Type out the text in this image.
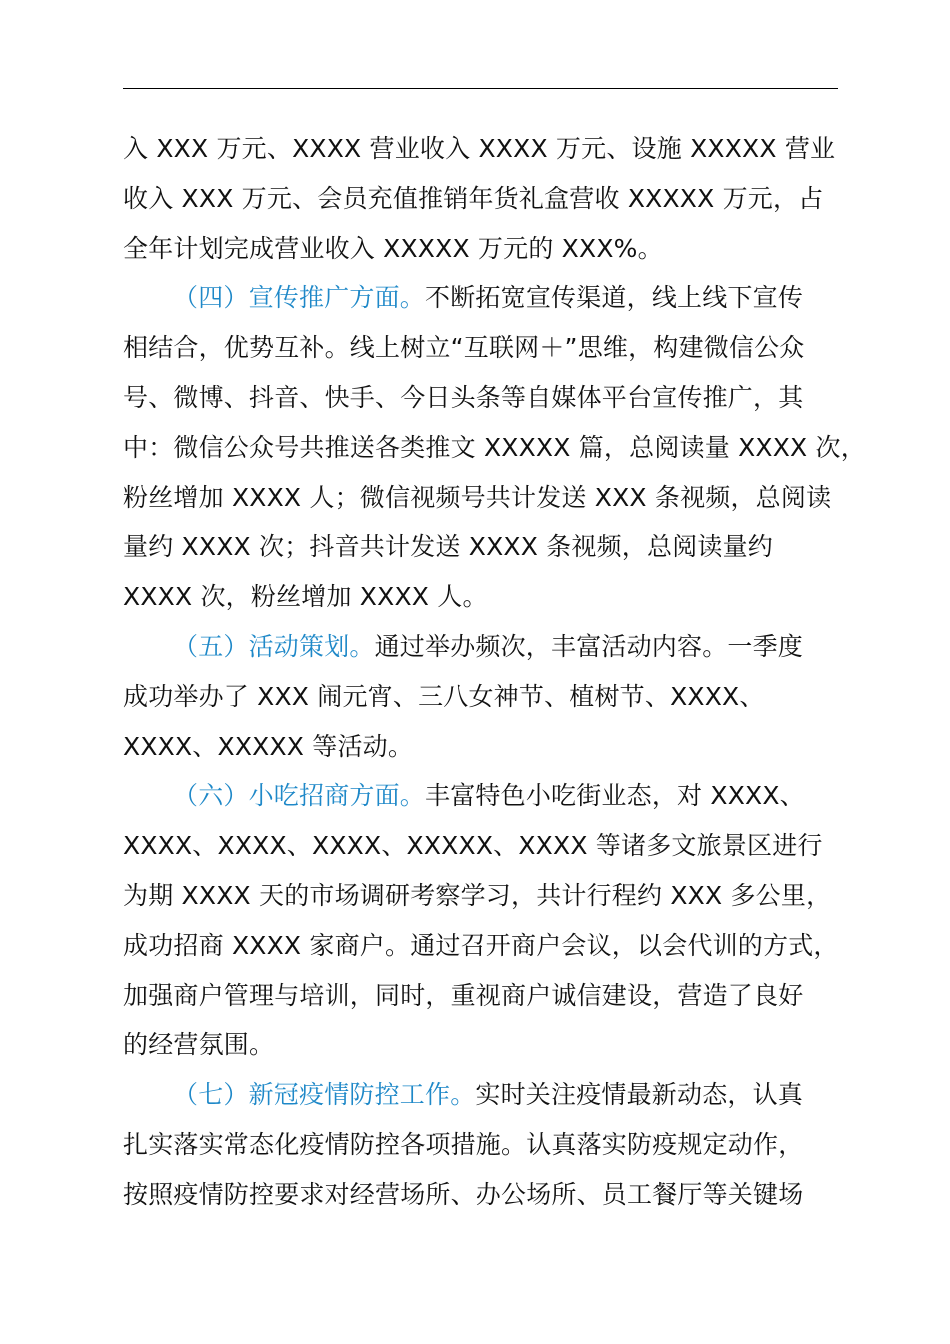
入 XXX 万元、XXXX 营业收入 XXXX 万元、设施 XXXXX 营业
收入 XXX 万元、会员充值推销年货礼盒营收 XXXXX 万元，占
全年计划完成营业收入 XXXXX 万元的 XXX%。
（四）宣传推广方面。不断拓宽宣传渠道，线上线下宣传
相结合，优势互补。线上树立“互联网＋”思维，构建微信公众
号、微博、抖音、快手、今日头条等自媒体平台宣传推广，其
中：微信公众号共推送各类推文 XXXXX 篇，总阅读量 XXXX 次，
粉丝增加 XXXX 人；微信视频号共计发送 XXX 条视频，总阅读
量约 XXXX 次；抖音共计发送 XXXX 条视频，总阅读量约
XXXX 次，粉丝增加 XXXX 人。
（五）活动策划。通过举办频次，丰富活动内容。一季度
成功举办了 XXX 闹元宵、三八女神节、植树节、XXXX、
XXXX、XXXXX 等活动。
（六）小吃招商方面。丰富特色小吃街业态，对 XXXX、
XXXX、XXXX、XXXX、XXXXX、XXXX 等诸多文旅景区进行
为期 XXXX 天的市场调研考察学习，共计行程约 XXX 多公里，
成功招商 XXXX 家商户。通过召开商户会议，以会代训的方式，
加强商户管理与培训，同时，重视商户诚信建设，营造了良好
的经营氛围。
（七）新冠疫情防控工作。实时关注疫情最新动态，认真
扎实落实常态化疫情防控各项措施。认真落实防疫规定动作，
按照疫情防控要求对经营场所、办公场所、员工餐厅等关键场
